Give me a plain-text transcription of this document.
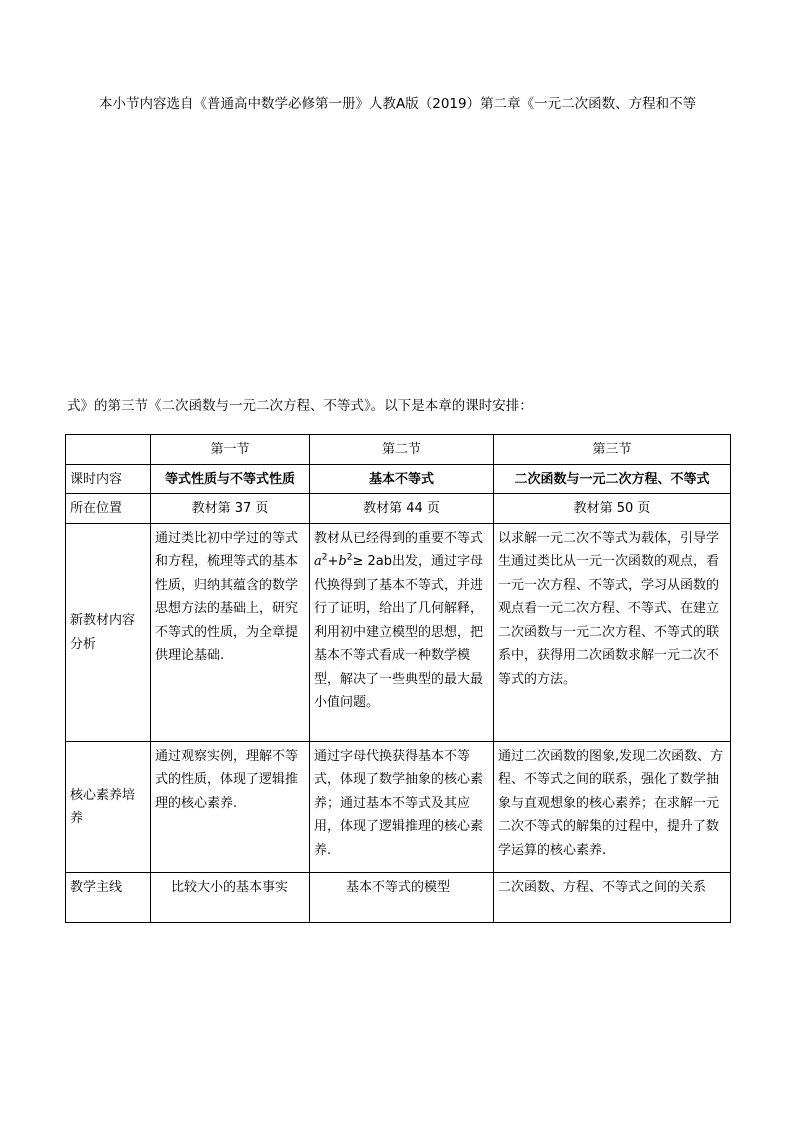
本小节内容选自《普通高中数学必修第一册》人教A版（2019）第二章《一元二次函数、方程和不等
式》的第三节《二次函数与一元二次方程、不等式》。以下是本章的课时安排：
	第一节	第二节	第三节
课时内容	等式性质与不等式性质	基本不等式	二次函数与一元二次方程、不等式
所在位置	教材第 37 页	教材第 44 页	教材第 50 页
新教材内容分析	通过类比初中学过的等式和方程，梳理等式的基本性质，归纳其蕴含的数学思想方法的基础上，研究不等式的性质，为全章提供理论基础.	教材从已经得到的重要不等式$a^2+b^2\ge 2ab$出发，通过字母代换得到了基本不等式，并进行了证明，给出了几何解释，利用初中建立模型的思想，把基本不等式看成一种数学模型，解决了一些典型的最大最小值问题。	以求解一元二次不等式为载体，引导学生通过类比从一元一次函数的观点，看一元一次方程、不等式，学习从函数的观点看一元二次方程、不等式、在建立二次函数与一元二次方程、不等式的联系中，获得用二次函数求解一元二次不等式的方法。
核心素养培养	通过观察实例，理解不等式的性质，体现了逻辑推理的核心素养.	通过字母代换获得基本不等式，体现了数学抽象的核心素养；通过基本不等式及其应用，体现了逻辑推理的核心素养.	通过二次函数的图象,发现二次函数、方程、不等式之间的联系，强化了数学抽象与直观想象的核心素养；在求解一元二次不等式的解集的过程中，提升了数学运算的核心素养.
教学主线	比较大小的基本事实	基本不等式的模型	二次函数、方程、不等式之间的关系
